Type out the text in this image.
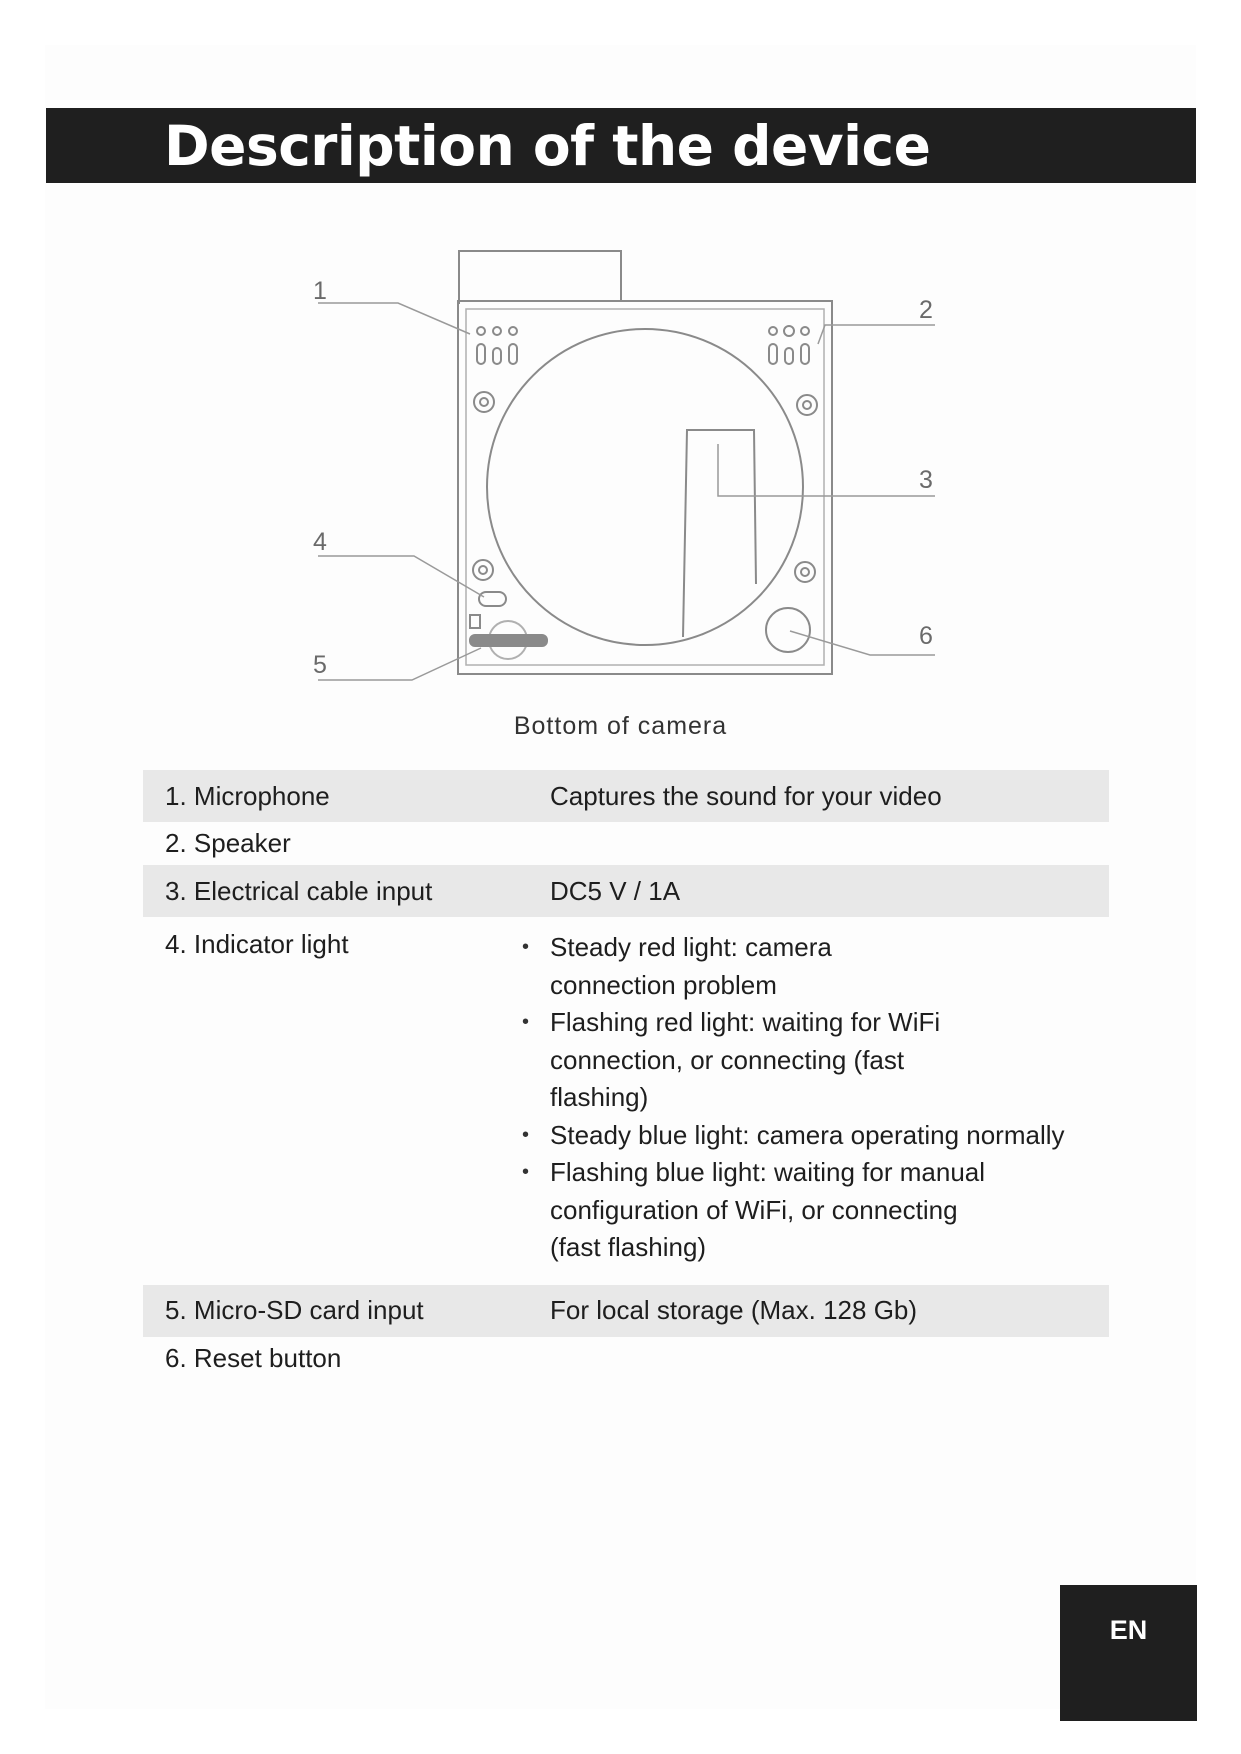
Description of the device
1
2
3
4
6
5
Bottom of camera
1. Microphone	Captures the sound for your video
2. Speaker
3. Electrical cable input	DC5 V / 1A
4. Indicator light
•	Steady red light: camera connection problem
• Flashing red light: waiting for WiFi connection, or connecting (fast flashing)
• Steady blue light: camera operating normally
• Flashing blue light: waiting for manual configuration of WiFi, or connecting (fast flashing)
5. Micro-SD card input	For local storage (Max. 128 Gb)
6. Reset button
EN
